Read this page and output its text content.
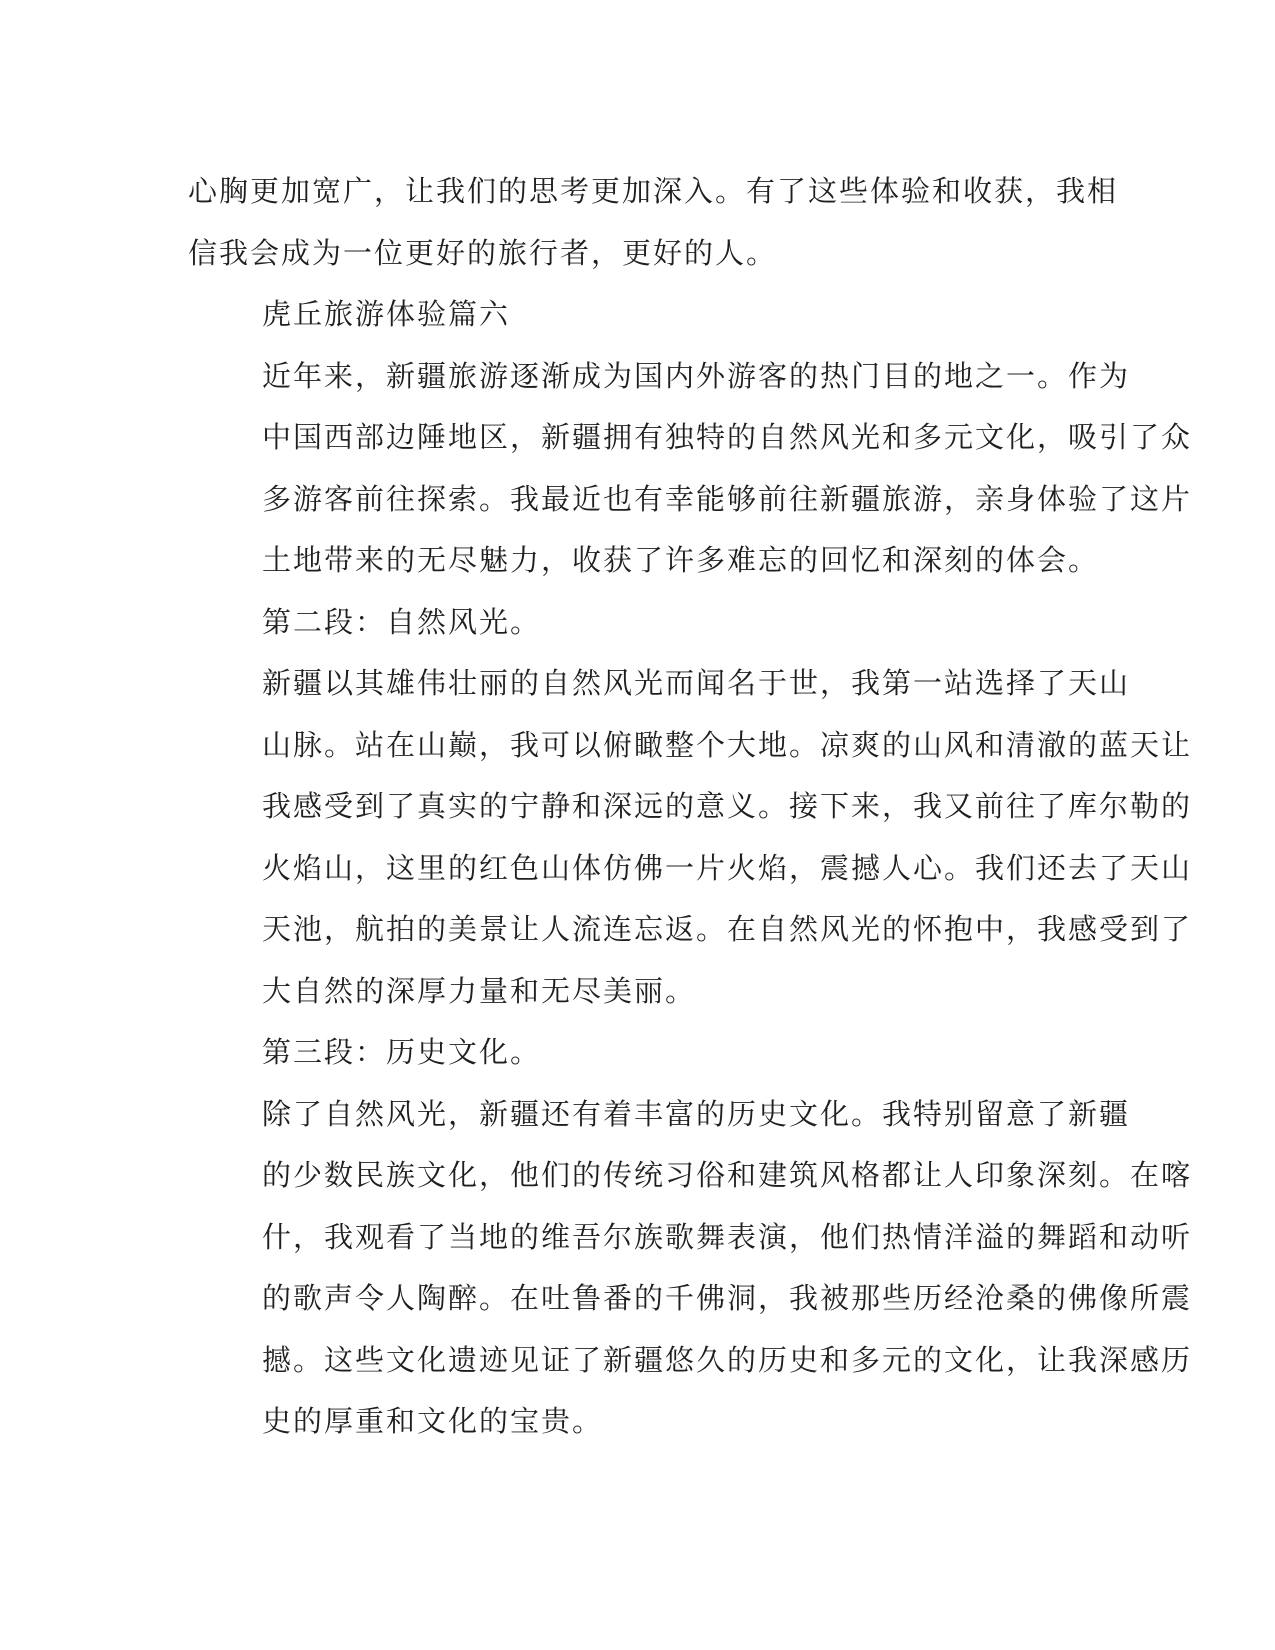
心胸更加宽广，让我们的思考更加深入。有了这些体验和收获，我相
信我会成为一位更好的旅行者，更好的人。

虎丘旅游体验篇六

近年来，新疆旅游逐渐成为国内外游客的热门目的地之一。作为
中国西部边陲地区，新疆拥有独特的自然风光和多元文化，吸引了众
多游客前往探索。我最近也有幸能够前往新疆旅游，亲身体验了这片
土地带来的无尽魅力，收获了许多难忘的回忆和深刻的体会。

第二段：自然风光。

新疆以其雄伟壮丽的自然风光而闻名于世，我第一站选择了天山
山脉。站在山巅，我可以俯瞰整个大地。凉爽的山风和清澈的蓝天让
我感受到了真实的宁静和深远的意义。接下来，我又前往了库尔勒的
火焰山，这里的红色山体仿佛一片火焰，震撼人心。我们还去了天山
天池，航拍的美景让人流连忘返。在自然风光的怀抱中，我感受到了
大自然的深厚力量和无尽美丽。

第三段：历史文化。

除了自然风光，新疆还有着丰富的历史文化。我特别留意了新疆
的少数民族文化，他们的传统习俗和建筑风格都让人印象深刻。在喀
什，我观看了当地的维吾尔族歌舞表演，他们热情洋溢的舞蹈和动听
的歌声令人陶醉。在吐鲁番的千佛洞，我被那些历经沧桑的佛像所震
撼。这些文化遗迹见证了新疆悠久的历史和多元的文化，让我深感历
史的厚重和文化的宝贵。
